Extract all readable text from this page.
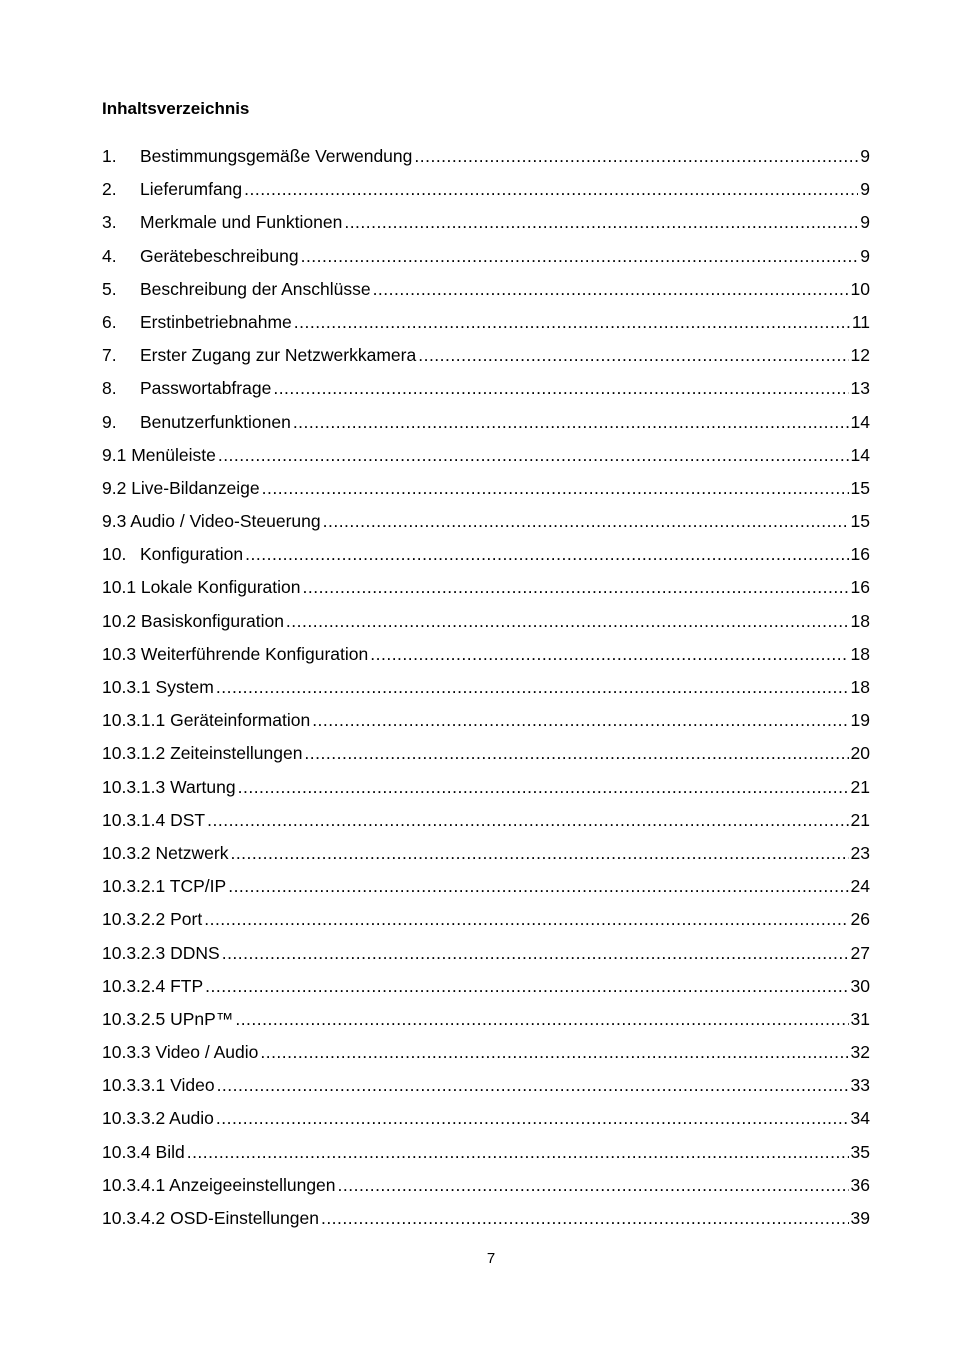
Inhaltsverzeichnis
1.	Bestimmungsgemäße Verwendung .....	9
2.	Lieferumfang .....	9
3.	Merkmale und Funktionen .....	9
4.	Gerätebeschreibung .....	9
5.	Beschreibung der Anschlüsse .....	10
6.	Erstinbetriebnahme .....	11
7.	Erster Zugang zur Netzwerkkamera .....	12
8.	Passwortabfrage .....	13
9.	Benutzerfunktionen .....	14
9.1 Menüleiste .....	14
9.2 Live-Bildanzeige .....	15
9.3 Audio / Video-Steuerung .....	15
10. Konfiguration .....	16
10.1 Lokale Konfiguration .....	16
10.2 Basiskonfiguration .....	18
10.3 Weiterführende Konfiguration .....	18
10.3.1 System .....	18
10.3.1.1 Geräteinformation .....	19
10.3.1.2 Zeiteinstellungen .....	20
10.3.1.3 Wartung .....	21
10.3.1.4 DST .....	21
10.3.2 Netzwerk .....	23
10.3.2.1 TCP/IP .....	24
10.3.2.2 Port .....	26
10.3.2.3 DDNS .....	27
10.3.2.4 FTP .....	30
10.3.2.5 UPnP™ .....	31
10.3.3 Video / Audio .....	32
10.3.3.1 Video .....	33
10.3.3.2 Audio .....	34
10.3.4 Bild .....	35
10.3.4.1 Anzeigeeinstellungen .....	36
10.3.4.2 OSD-Einstellungen .....	39

7
